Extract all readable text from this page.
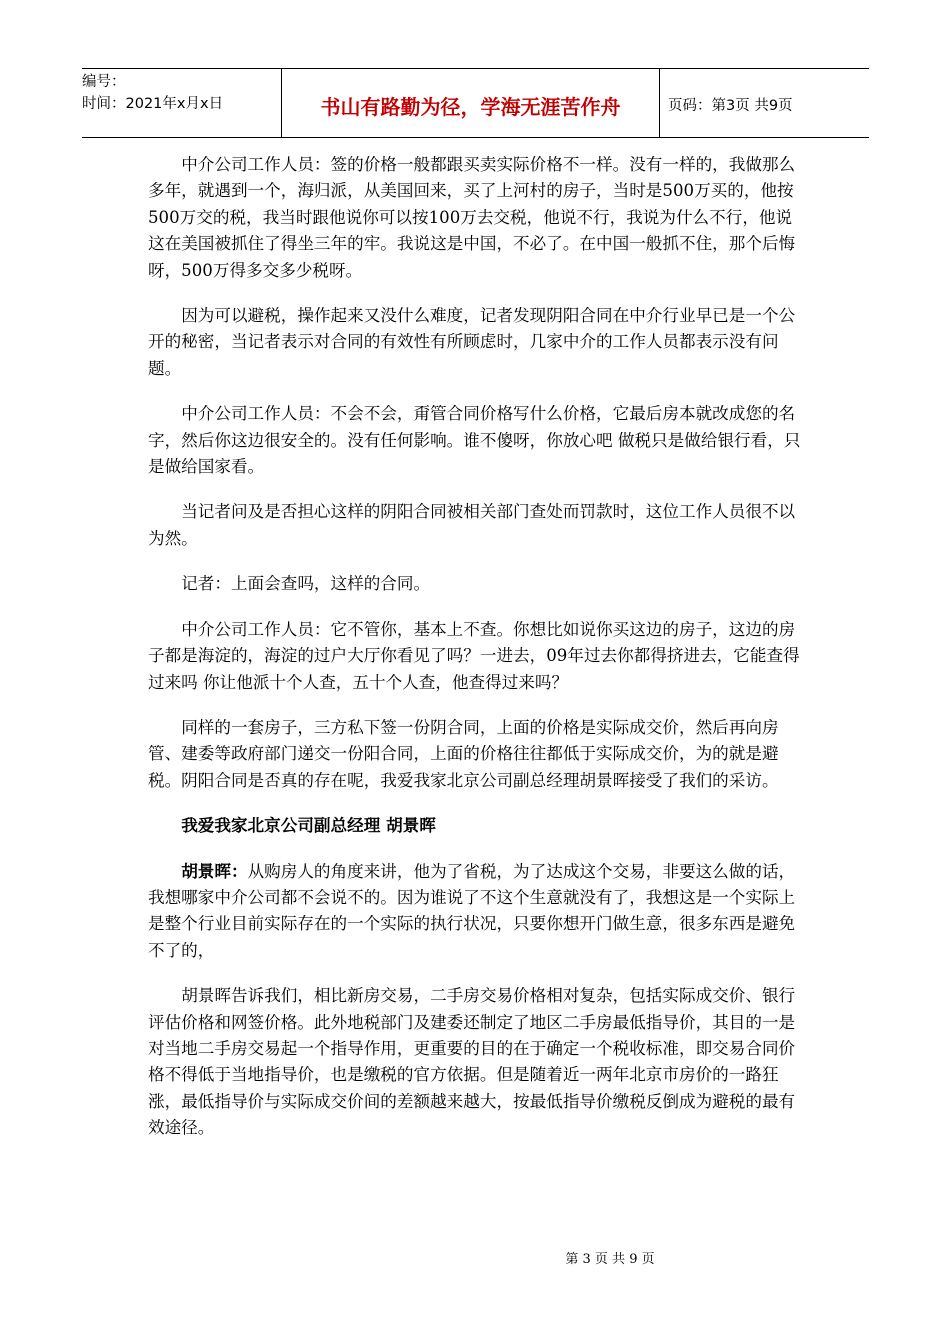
编号：
时间：2021年x月x日	书山有路勤为径，学海无涯苦作舟	页码：第3页 共9页

中介公司工作人员：签的价格一般都跟买卖实际价格不一样。没有一样的，我做那么多年，就遇到一个，海归派，从美国回来，买了上河村的房子，当时是500万买的，他按500万交的税，我当时跟他说你可以按100万去交税，他说不行，我说为什么不行，他说这在美国被抓住了得坐三年的牢。我说这是中国，不必了。在中国一般抓不住，那个后悔呀，500万得多交多少税呀。

因为可以避税，操作起来又没什么难度，记者发现阴阳合同在中介行业早已是一个公开的秘密，当记者表示对合同的有效性有所顾虑时，几家中介的工作人员都表示没有问题。

中介公司工作人员：不会不会，甭管合同价格写什么价格，它最后房本就改成您的名字，然后你这边很安全的。没有任何影响。谁不傻呀，你放心吧 做税只是做给银行看，只是做给国家看。

当记者问及是否担心这样的阴阳合同被相关部门查处而罚款时，这位工作人员很不以为然。

记者：上面会查吗，这样的合同。

中介公司工作人员：它不管你，基本上不查。你想比如说你买这边的房子，这边的房子都是海淀的，海淀的过户大厅你看见了吗？一进去，09年过去你都得挤进去，它能查得过来吗 你让他派十个人查，五十个人查，他查得过来吗？

同样的一套房子，三方私下签一份阴合同，上面的价格是实际成交价，然后再向房管、建委等政府部门递交一份阳合同，上面的价格往往都低于实际成交价，为的就是避税。阴阳合同是否真的存在呢，我爱我家北京公司副总经理胡景晖接受了我们的采访。

我爱我家北京公司副总经理 胡景晖

胡景晖：从购房人的角度来讲，他为了省税，为了达成这个交易，非要这么做的话，我想哪家中介公司都不会说不的。因为谁说了不这个生意就没有了，我想这是一个实际上是整个行业目前实际存在的一个实际的执行状况，只要你想开门做生意，很多东西是避免不了的，

胡景晖告诉我们，相比新房交易，二手房交易价格相对复杂，包括实际成交价、银行评估价格和网签价格。此外地税部门及建委还制定了地区二手房最低指导价，其目的一是对当地二手房交易起一个指导作用，更重要的目的在于确定一个税收标准，即交易合同价格不得低于当地指导价，也是缴税的官方依据。但是随着近一两年北京市房价的一路狂涨，最低指导价与实际成交价间的差额越来越大，按最低指导价缴税反倒成为避税的最有效途径。

第 3 页 共 9 页
